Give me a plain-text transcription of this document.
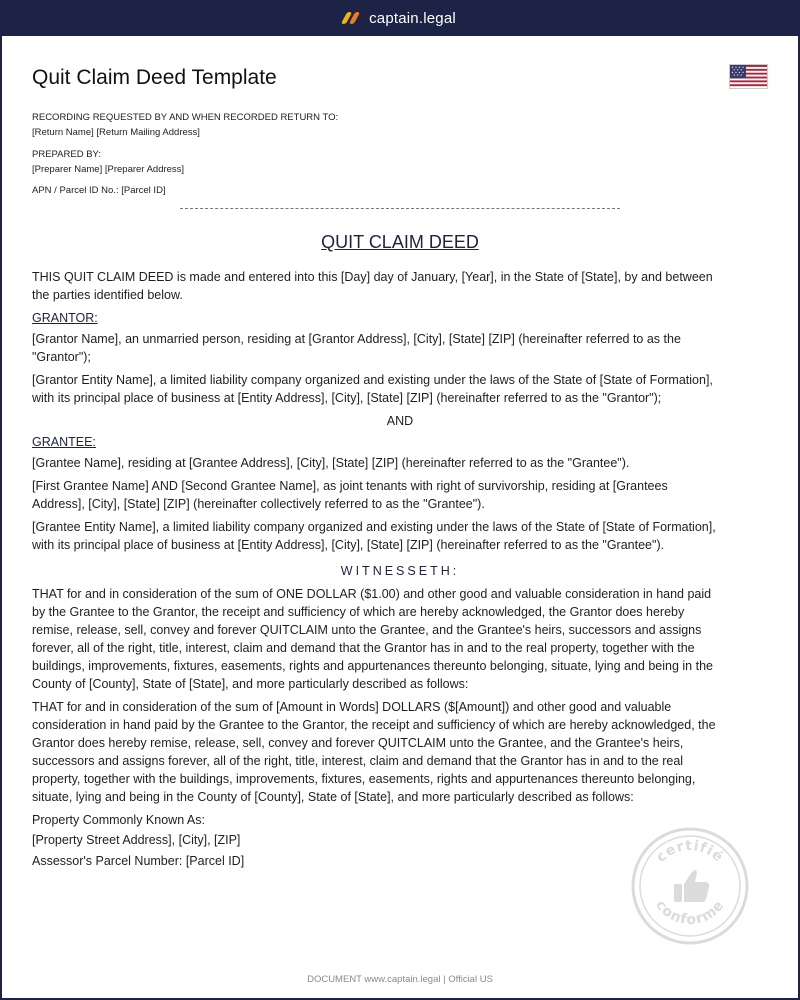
captain.legal
Quit Claim Deed Template
RECORDING REQUESTED BY AND WHEN RECORDED RETURN TO:
[Return Name] [Return Mailing Address]
PREPARED BY:
[Preparer Name] [Preparer Address]
APN / Parcel ID No.: [Parcel ID]
QUIT CLAIM DEED

THIS QUIT CLAIM DEED is made and entered into this [Day] day of January, [Year], in the State of [State], by and between the parties identified below.

GRANTOR:

[Grantor Name], an unmarried person, residing at [Grantor Address], [City], [State] [ZIP] (hereinafter referred to as the "Grantor");

[Grantor Entity Name], a limited liability company organized and existing under the laws of the State of [State of Formation], with its principal place of business at [Entity Address], [City], [State] [ZIP] (hereinafter referred to as the "Grantor");

AND
GRANTEE:

[Grantee Name], residing at [Grantee Address], [City], [State] [ZIP] (hereinafter referred to as the "Grantee").

[First Grantee Name] AND [Second Grantee Name], as joint tenants with right of survivorship, residing at [Grantees Address], [City], [State] [ZIP] (hereinafter collectively referred to as the "Grantee").

[Grantee Entity Name], a limited liability company organized and existing under the laws of the State of [State of Formation], with its principal place of business at [Entity Address], [City], [State] [ZIP] (hereinafter referred to as the "Grantee").

WITNESSETH:

THAT for and in consideration of the sum of ONE DOLLAR ($1.00) and other good and valuable consideration in hand paid by the Grantee to the Grantor, the receipt and sufficiency of which are hereby acknowledged, the Grantor does hereby remise, release, sell, convey and forever QUITCLAIM unto the Grantee, and the Grantee's heirs, successors and assigns forever, all of the right, title, interest, claim and demand that the Grantor has in and to the real property, together with the buildings, improvements, fixtures, easements, rights and appurtenances thereunto belonging, situate, lying and being in the County of [County], State of [State], and more particularly described as follows:

THAT for and in consideration of the sum of [Amount in Words] DOLLARS ($[Amount]) and other good and valuable consideration in hand paid by the Grantee to the Grantor, the receipt and sufficiency of which are hereby acknowledged, the Grantor does hereby remise, release, sell, convey and forever QUITCLAIM unto the Grantee, and the Grantee's heirs, successors and assigns forever, all of the right, title, interest, claim and demand that the Grantor has in and to the real property, together with the buildings, improvements, fixtures, easements, rights and appurtenances thereunto belonging, situate, lying and being in the County of [County], State of [State], and more particularly described as follows:

Property Commonly Known As:
[Property Street Address], [City], [ZIP]
Assessor's Parcel Number: [Parcel ID]	certifié
conforme
DOCUMENT www.captain.legal | Official US
